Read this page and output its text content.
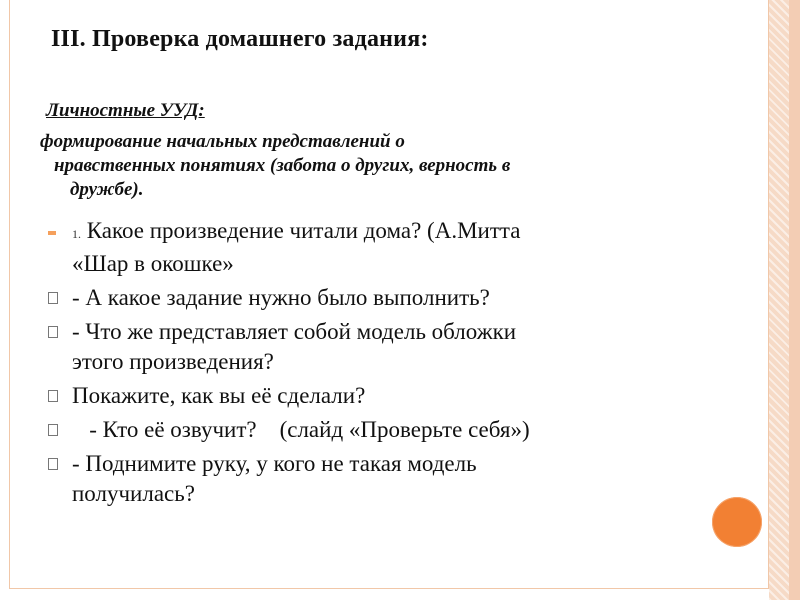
III. Проверка домашнего задания:
Личностные УУД:
формирование начальных представлений о
нравственных понятиях (забота о других, верность в
дружбе).
1. Какое произведение читали дома? (А.Митта
«Шар в окошке»
- А какое задание нужно было выполнить?
- Что же представляет собой модель обложки
этого произведения?
Покажите, как вы её сделали?
- Кто её озвучит?    (слайд «Проверьте себя»)
- Поднимите руку, у кого не такая модель
получилась?
